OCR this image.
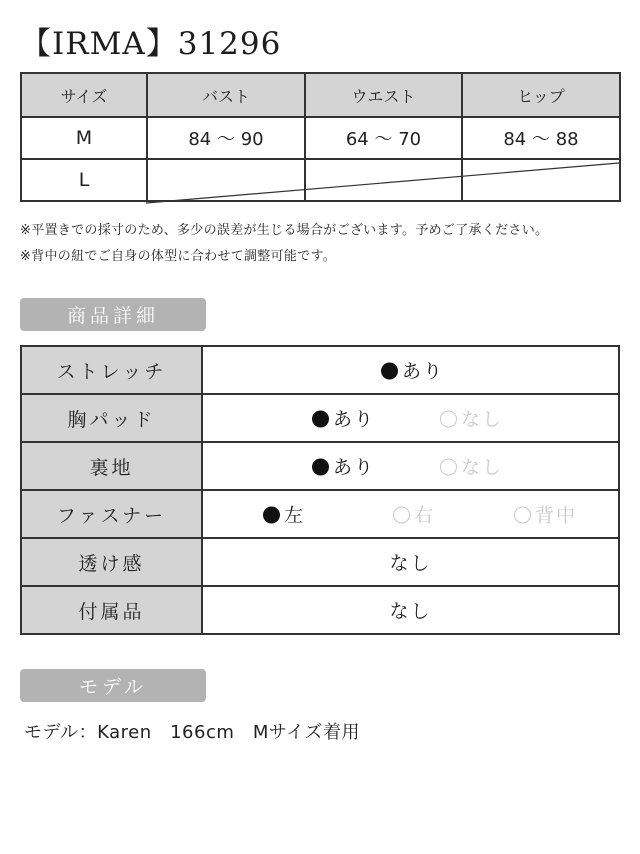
【IRMA】31296
サイズ	バスト	ウエスト	ヒップ
M	84 ～ 90	64 ～ 70	84 ～ 88
L			
※平置きでの採寸のため、多少の誤差が生じる場合がございます。予めご了承ください。
※背中の紐でご自身の体型に合わせて調整可能です。
商品詳細
ストレッチ	あり

胸パッド	あり なし

裏地	あり なし

ファスナー	左 右 背中

透け感	なし

付属品	なし
モデル
モデル：Karen　166cm　Mサイズ着用
